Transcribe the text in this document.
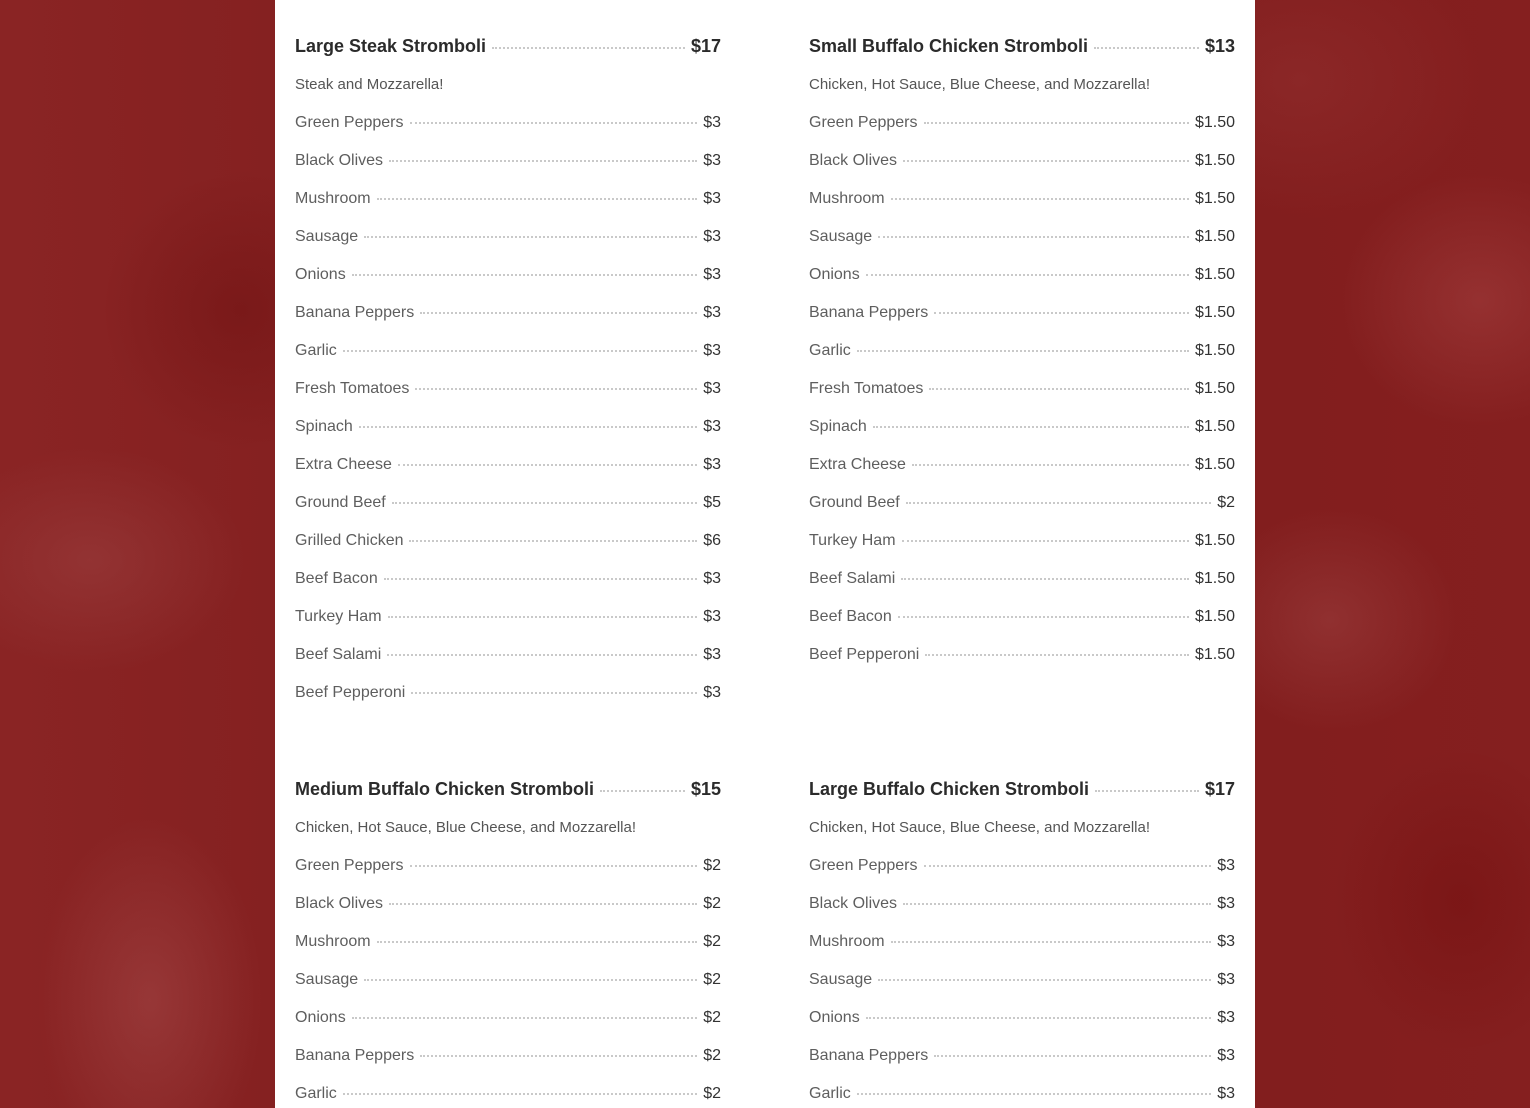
Large Steak Stromboli	$17
Steak and Mozzarella!
Green Peppers	$3
Black Olives	$3
Mushroom	$3
Sausage	$3
Onions	$3
Banana Peppers	$3
Garlic	$3
Fresh Tomatoes	$3
Spinach	$3
Extra Cheese	$3
Ground Beef	$5
Grilled Chicken	$6
Beef Bacon	$3
Turkey Ham	$3
Beef Salami	$3
Beef Pepperoni	$3
Small Buffalo Chicken Stromboli	$13
Chicken, Hot Sauce, Blue Cheese, and Mozzarella!
Green Peppers	$1.50
Black Olives	$1.50
Mushroom	$1.50
Sausage	$1.50
Onions	$1.50
Banana Peppers	$1.50
Garlic	$1.50
Fresh Tomatoes	$1.50
Spinach	$1.50
Extra Cheese	$1.50
Ground Beef	$2
Turkey Ham	$1.50
Beef Salami	$1.50
Beef Bacon	$1.50
Beef Pepperoni	$1.50
Medium Buffalo Chicken Stromboli	$15
Chicken, Hot Sauce, Blue Cheese, and Mozzarella!
Green Peppers	$2
Black Olives	$2
Mushroom	$2
Sausage	$2
Onions	$2
Banana Peppers	$2
Garlic	$2
Large Buffalo Chicken Stromboli	$17
Chicken, Hot Sauce, Blue Cheese, and Mozzarella!
Green Peppers	$3
Black Olives	$3
Mushroom	$3
Sausage	$3
Onions	$3
Banana Peppers	$3
Garlic	$3
